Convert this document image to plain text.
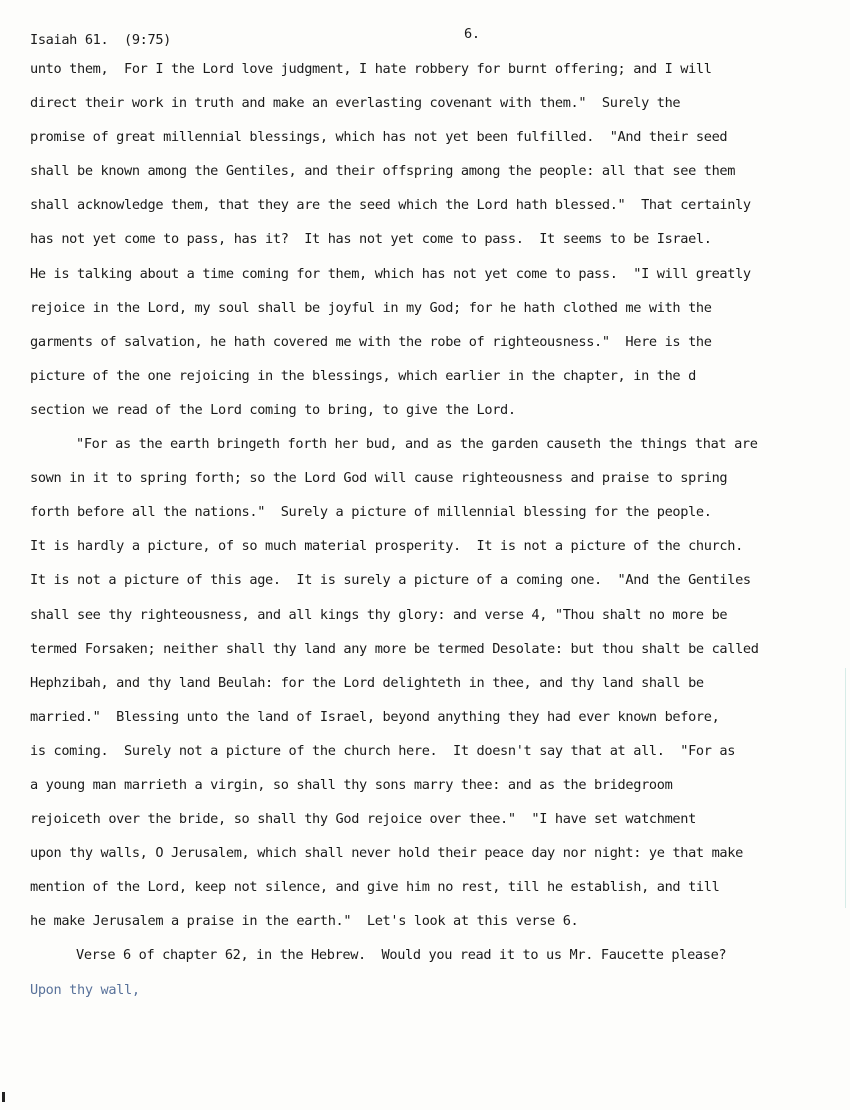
Isaiah 61.  (9:75)	6.
unto them,  For I the Lord love judgment, I hate robbery for burnt offering; and I will
direct their work in truth and make an everlasting covenant with them."  Surely the
promise of great millennial blessings, which has not yet been fulfilled.  "And their seed
shall be known among the Gentiles, and their offspring among the people: all that see them
shall acknowledge them, that they are the seed which the Lord hath blessed."  That certainly
has not yet come to pass, has it?  It has not yet come to pass.  It seems to be Israel.
He is talking about a time coming for them, which has not yet come to pass.  "I will greatly
rejoice in the Lord, my soul shall be joyful in my God; for he hath clothed me with the
garments of salvation, he hath covered me with the robe of righteousness."  Here is the
picture of the one rejoicing in the blessings, which earlier in the chapter, in the d
section we read of the Lord coming to bring, to give the Lord.
"For as the earth bringeth forth her bud, and as the garden causeth the things that are
sown in it to spring forth; so the Lord God will cause righteousness and praise to spring
forth before all the nations."  Surely a picture of millennial blessing for the people.
It is hardly a picture, of so much material prosperity.  It is not a picture of the church.
It is not a picture of this age.  It is surely a picture of a coming one.  "And the Gentiles
shall see thy righteousness, and all kings thy glory: and verse 4, "Thou shalt no more be
termed Forsaken; neither shall thy land any more be termed Desolate: but thou shalt be called
Hephzibah, and thy land Beulah: for the Lord delighteth in thee, and thy land shall be
married."  Blessing unto the land of Israel, beyond anything they had ever known before,
is coming.  Surely not a picture of the church here.  It doesn't say that at all.  "For as
a young man marrieth a virgin, so shall thy sons marry thee: and as the bridegroom
rejoiceth over the bride, so shall thy God rejoice over thee."  "I have set watchment
upon thy walls, O Jerusalem, which shall never hold their peace day nor night: ye that make
mention of the Lord, keep not silence, and give him no rest, till he establish, and till
he make Jerusalem a praise in the earth."  Let's look at this verse 6.
Verse 6 of chapter 62, in the Hebrew.  Would you read it to us Mr. Faucette please?
Upon thy wall,
